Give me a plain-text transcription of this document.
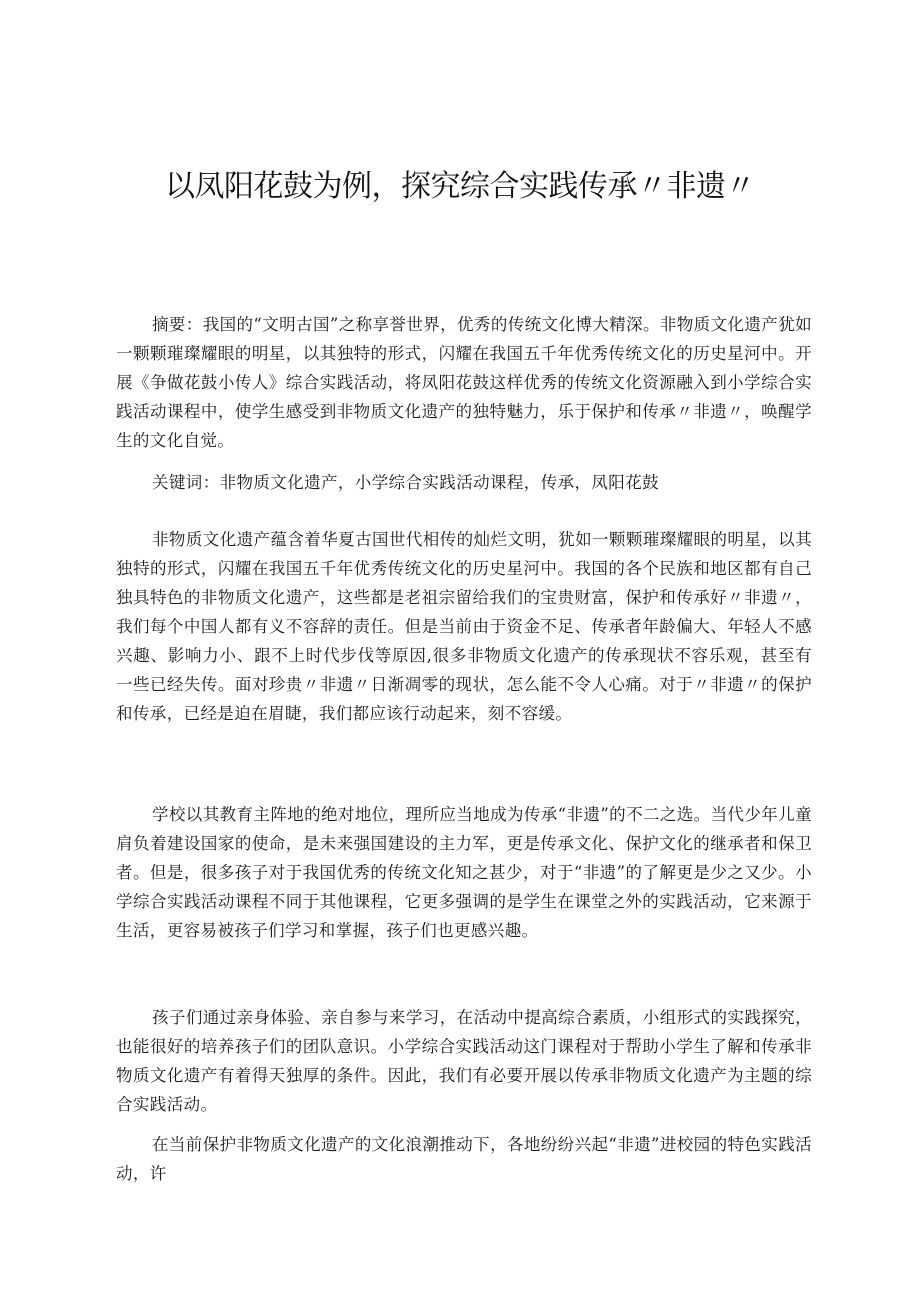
以凤阳花鼓为例，探究综合实践传承〃非遗〃

摘要：我国的“文明古国”之称享誉世界，优秀的传统文化博大精深。非物质文化遗产犹如一颗颗璀璨耀眼的明星，以其独特的形式，闪耀在我国五千年优秀传统文化的历史星河中。开展《争做花鼓小传人》综合实践活动，将凤阳花鼓这样优秀的传统文化资源融入到小学综合实践活动课程中，使学生感受到非物质文化遗产的独特魅力，乐于保护和传承〃非遗〃，唤醒学生的文化自觉。

关键词：非物质文化遗产，小学综合实践活动课程，传承，凤阳花鼓

非物质文化遗产蕴含着华夏古国世代相传的灿烂文明，犹如一颗颗璀璨耀眼的明星，以其独特的形式，闪耀在我国五千年优秀传统文化的历史星河中。我国的各个民族和地区都有自己独具特色的非物质文化遗产，这些都是老祖宗留给我们的宝贵财富，保护和传承好〃非遗〃，我们每个中国人都有义不容辞的责任。但是当前由于资金不足、传承者年龄偏大、年轻人不感兴趣、影响力小、跟不上时代步伐等原因,很多非物质文化遗产的传承现状不容乐观，甚至有一些已经失传。面对珍贵〃非遗〃日渐凋零的现状，怎么能不令人心痛。对于〃非遗〃的保护和传承，已经是迫在眉睫，我们都应该行动起来，刻不容缓。

学校以其教育主阵地的绝对地位，理所应当地成为传承“非遗”的不二之选。当代少年儿童肩负着建设国家的使命，是未来强国建设的主力军，更是传承文化、保护文化的继承者和保卫者。但是，很多孩子对于我国优秀的传统文化知之甚少，对于“非遗”的了解更是少之又少。小学综合实践活动课程不同于其他课程，它更多强调的是学生在课堂之外的实践活动，它来源于生活，更容易被孩子们学习和掌握，孩子们也更感兴趣。

孩子们通过亲身体验、亲自参与来学习，在活动中提高综合素质，小组形式的实践探究，也能很好的培养孩子们的团队意识。小学综合实践活动这门课程对于帮助小学生了解和传承非物质文化遗产有着得天独厚的条件。因此，我们有必要开展以传承非物质文化遗产为主题的综合实践活动。

在当前保护非物质文化遗产的文化浪潮推动下，各地纷纷兴起“非遗”进校园的特色实践活动，许
